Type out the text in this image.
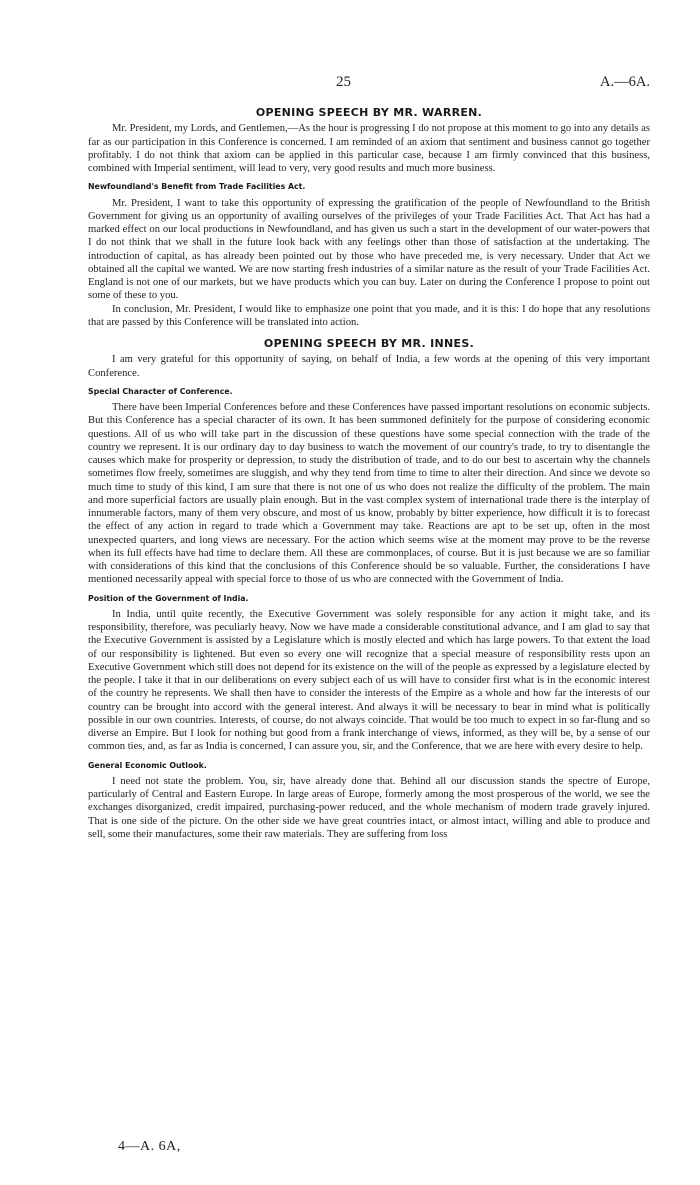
25	A.—6A.
OPENING SPEECH BY MR. WARREN.

Mr. President, my Lords, and Gentlemen,—As the hour is progressing I do not propose at this moment to go into any details as far as our participation in this Conference is concerned. I am reminded of an axiom that sentiment and business cannot go together profitably. I do not think that axiom can be applied in this particular case, because I am firmly convinced that this business, combined with Imperial sentiment, will lead to very, very good results and much more business.

Newfoundland's Benefit from Trade Facilities Act.

Mr. President, I want to take this opportunity of expressing the gratification of the people of Newfoundland to the British Government for giving us an opportunity of availing ourselves of the privileges of your Trade Facilities Act. That Act has had a marked effect on our local productions in Newfoundland, and has given us such a start in the development of our water-powers that I do not think that we shall in the future look back with any feelings other than those of satisfaction at the undertaking. The introduction of capital, as has already been pointed out by those who have preceded me, is very necessary. Under that Act we obtained all the capital we wanted. We are now starting fresh industries of a similar nature as the result of your Trade Facilities Act. England is not one of our markets, but we have products which you can buy. Later on during the Conference I propose to point out some of these to you.

In conclusion, Mr. President, I would like to emphasize one point that you made, and it is this: I do hope that any resolutions that are passed by this Conference will be translated into action.

OPENING SPEECH BY MR. INNES.

I am very grateful for this opportunity of saying, on behalf of India, a few words at the opening of this very important Conference.

Special Character of Conference.

There have been Imperial Conferences before and these Conferences have passed important resolutions on economic subjects. But this Conference has a special character of its own. It has been summoned definitely for the purpose of considering economic questions. All of us who will take part in the discussion of these questions have some special connection with the trade of the country we represent. It is our ordinary day to day business to watch the movement of our country's trade, to try to disentangle the causes which make for prosperity or depression, to study the distribution of trade, and to do our best to ascertain why the channels sometimes flow freely, sometimes are sluggish, and why they tend from time to time to alter their direction. And since we devote so much time to study of this kind, I am sure that there is not one of us who does not realize the difficulty of the problem. The main and more superficial factors are usually plain enough. But in the vast complex system of international trade there is the interplay of innumerable factors, many of them very obscure, and most of us know, probably by bitter experience, how difficult it is to forecast the effect of any action in regard to trade which a Government may take. Reactions are apt to be set up, often in the most unexpected quarters, and long views are necessary. For the action which seems wise at the moment may prove to be the reverse when its full effects have had time to declare them. All these are commonplaces, of course. But it is just because we are so familiar with considerations of this kind that the conclusions of this Conference should be so valuable. Further, the considerations I have mentioned necessarily appeal with special force to those of us who are connected with the Government of India.

Position of the Government of India.

In India, until quite recently, the Executive Government was solely responsible for any action it might take, and its responsibility, therefore, was peculiarly heavy. Now we have made a considerable constitutional advance, and I am glad to say that the Executive Government is assisted by a Legislature which is mostly elected and which has large powers. To that extent the load of our responsibility is lightened. But even so every one will recognize that a special measure of responsibility rests upon an Executive Government which still does not depend for its existence on the will of the people as expressed by a legislature elected by the people. I take it that in our deliberations on every subject each of us will have to consider first what is in the economic interest of the country he represents. We shall then have to consider the interests of the Empire as a whole and how far the interests of our country can be brought into accord with the general interest. And always it will be necessary to bear in mind what is politically possible in our own countries. Interests, of course, do not always coincide. That would be too much to expect in so far-flung and so diverse an Empire. But I look for nothing but good from a frank interchange of views, informed, as they will be, by a sense of our common ties, and, as far as India is concerned, I can assure you, sir, and the Conference, that we are here with every desire to help.

General Economic Outlook.

I need not state the problem. You, sir, have already done that. Behind all our discussion stands the spectre of Europe, particularly of Central and Eastern Europe. In large areas of Europe, formerly among the most prosperous of the world, we see the exchanges disorganized, credit impaired, purchasing-power reduced, and the whole mechanism of modern trade gravely injured. That is one side of the picture. On the other side we have great countries intact, or almost intact, willing and able to produce and sell, some their manufactures, some their raw materials. They are suffering from loss

4—A. 6A,
